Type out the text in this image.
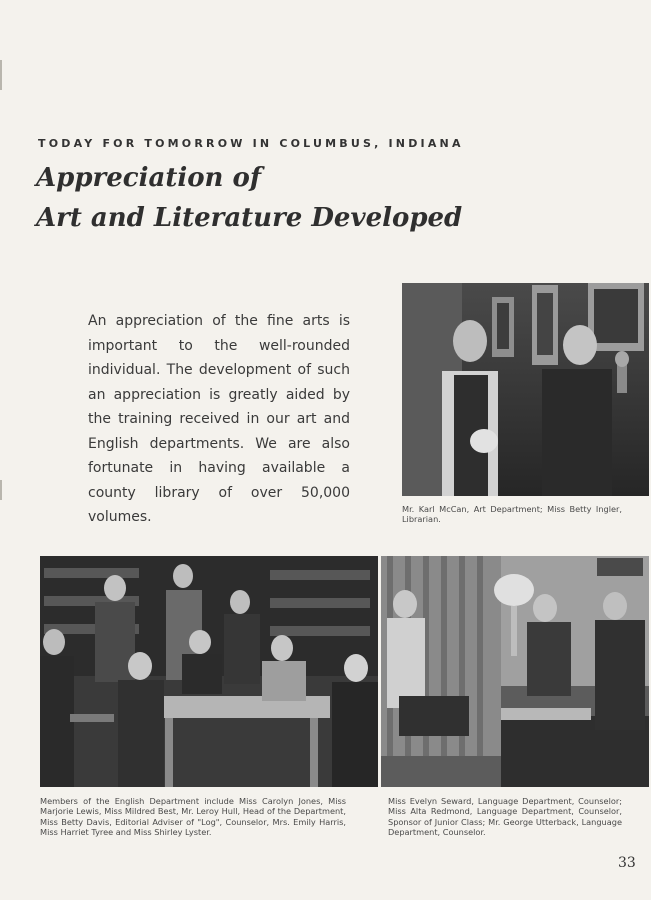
TODAY FOR TOMORROW IN COLUMBUS, INDIANA
Appreciation of
Art and Literature Developed

An appreciation of the fine arts is important to the well-rounded individual. The development of such an appreciation is greatly aided by the training received in our art and English departments. We are also fortunate in having available a county library of over 50,000 volumes.	Mr. Karl McCan, Art Department; Miss Betty Ingler, Librarian.

Members of the English Department include Miss Carolyn Jones, Miss Marjorie Lewis, Miss Mildred Best, Mr. Leroy Hull, Head of the Department, Miss Betty Davis, Editorial Adviser of "Log", Counselor, Mrs. Emily Harris, Miss Harriet Tyree and Miss Shirley Lyster.

Miss Evelyn Seward, Language Department, Counselor; Miss Alta Redmond, Language Department, Counselor, Sponsor of Junior Class; Mr. George Utterback, Language Department, Counselor.

33
